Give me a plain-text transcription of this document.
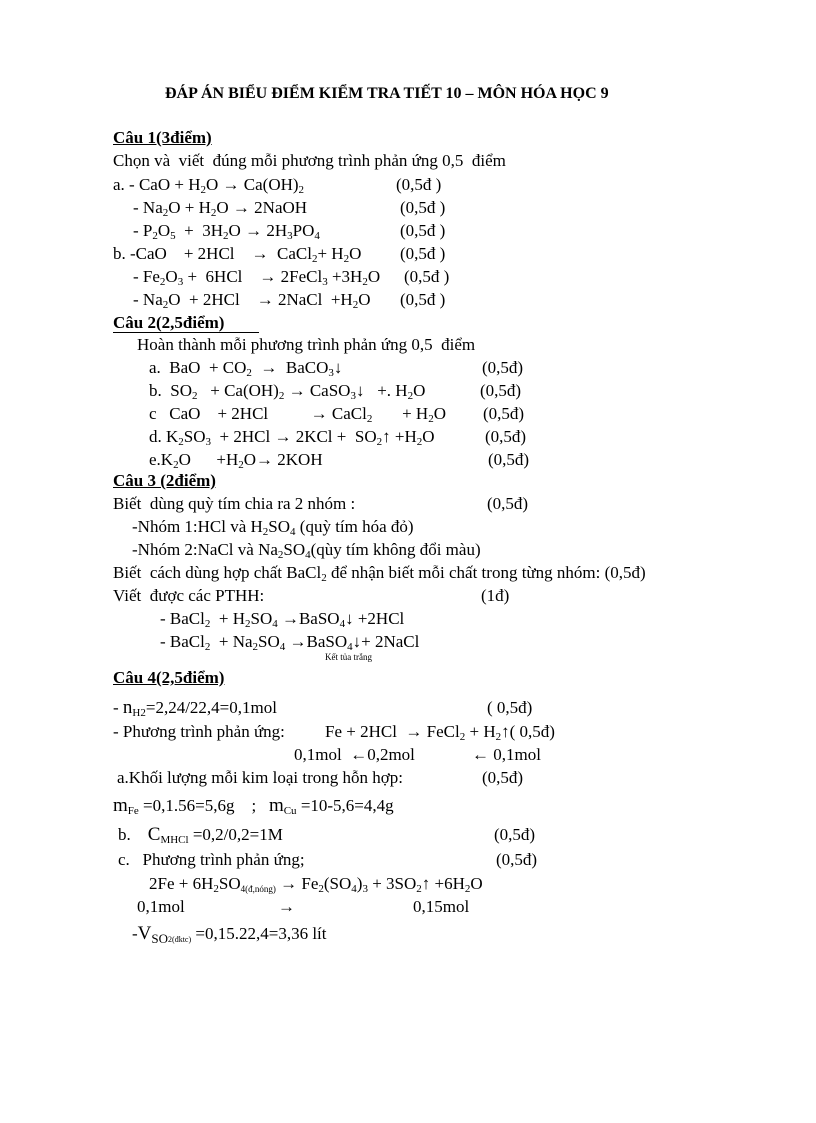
ĐÁP ÁN BIỂU ĐIỂM KIỂM TRA TIẾT 10 – MÔN HÓA HỌC 9
Câu 1(3điểm)
Chọn và  viết  đúng mỗi phương trình phản ứng 0,5  điểm
a. - CaO + $H_2O \to Ca(OH)_2$	(0,5đ )
- $Na_2O + H_2O$ → 2NaOH	(0,5đ )
- $P_2O_5 + 3H_2O \to 2H_3PO_4$	(0,5đ )
b. -CaO    + 2HCl    →  CaCl$_2$+ $H_2O$ (0,5đ )
- $Fe_2O_3 + 6HCl$    → 2FeCl$_3$ $+3H_2O$ (0,5đ )
- $Na_2O + 2HCl$    → 2NaCl  $+H_2O$ (0,5đ )
Câu 2(2,5điểm)
Hoàn thành mỗi phương trình phản ứng 0,5  điểm
a.  BaO  + $CO_2$  →  BaCO$_3$↓	(0,5đ)
b.  $SO_2 + Ca(OH)_2$ → CaSO$_3$↓   +. $H_2O$	(0,5đ)
c   CaO    + 2HCl          → CaCl$_2$       + $H_2O$ (0,5đ)
d. $K_2SO_3 + 2HCl \to 2KCl$ +  $SO_2↑ +H_2O$	(0,5đ)
$e.K_2O$      $+H_2O\to 2KOH$	(0,5đ)
Câu 3 (2điểm)
Biết  dùng quỳ tím chia ra 2 nhóm :	(0,5đ)
-Nhóm 1:HCl và $H_2SO_4$ (quỳ tím hóa đỏ)
-Nhóm 2:NaCl và $Na_2SO_4(qùy$ tím không đổi màu)
Biết  cách dùng hợp chất BaCl$_2$ để nhận biết mỗi chất trong từng nhóm: (0,5đ)
Viết  được các PTHH:	(1đ)
- BaCl$_2$  + $H_2SO_4$ →BaSO$_4$↓ +2HCl
- BaCl$_2$  + $Na_2SO_4$ →BaSO$_4$↓+ 2NaCl
Kết tủa trắng
Câu 4(2,5điểm)
- $n_{H2}=2,24/22,4=0,1mol$	( 0,5đ)
- Phương trình phản ứng: Fe + 2HCl  → FeCl$_2$ + $H_2↑$( 0,5đ)
0,1mol  ←0,2mol	← 0,1mol
a.Khối lượng mỗi kim loại trong hỗn hợp:	(0,5đ)
$m_{Fe} =0,1.56=5,6g$    ;   $m_{Cu} =10-5,6=4,4g$
b. $C_{MHCl} =0,2/0,2=1M$	(0,5đ)
c.   Phương trình phản ứng;	(0,5đ)
$2Fe + 6H_2SO_{4(đ,nóng)} \to Fe_2(SO_4)_3$ + $3SO_2↑ +6H_2O$
0,1mol	→	0,15mol
$-V_{SO2(đktc)} =0,15.22,4=3,36$ lít
